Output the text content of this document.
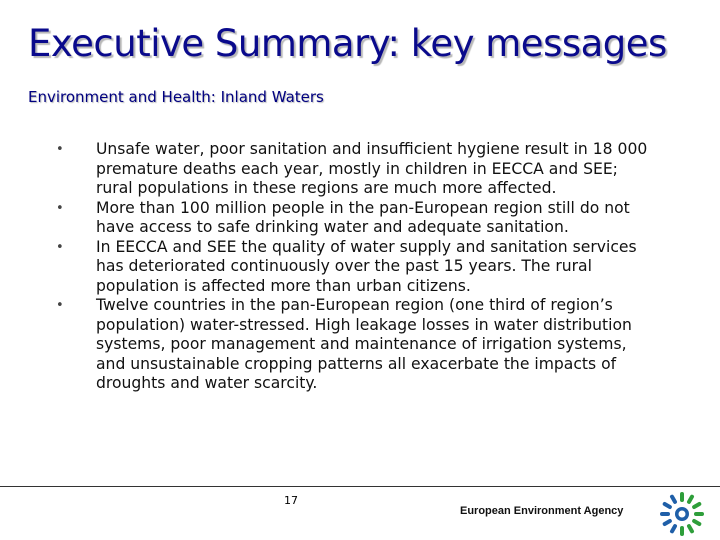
Executive Summary: key messages
Environment and Health: Inland Waters
• Unsafe water, poor sanitation and insufficient hygiene result in 18 000 premature deaths each year, mostly in children in EECCA and SEE; rural populations in these regions are much more affected.
• More than 100 million people in the pan-European region still do not have access to safe drinking water and adequate sanitation.
• In EECCA and SEE the quality of water supply and sanitation services has deteriorated continuously over the past 15 years. The rural population is affected more than urban citizens.
• Twelve countries in the pan-European region (one third of region’s population) water-stressed. High leakage losses in water distribution systems, poor management and maintenance of irrigation systems, and unsustainable cropping patterns all exacerbate the impacts of droughts and water scarcity.
17
European Environment Agency
